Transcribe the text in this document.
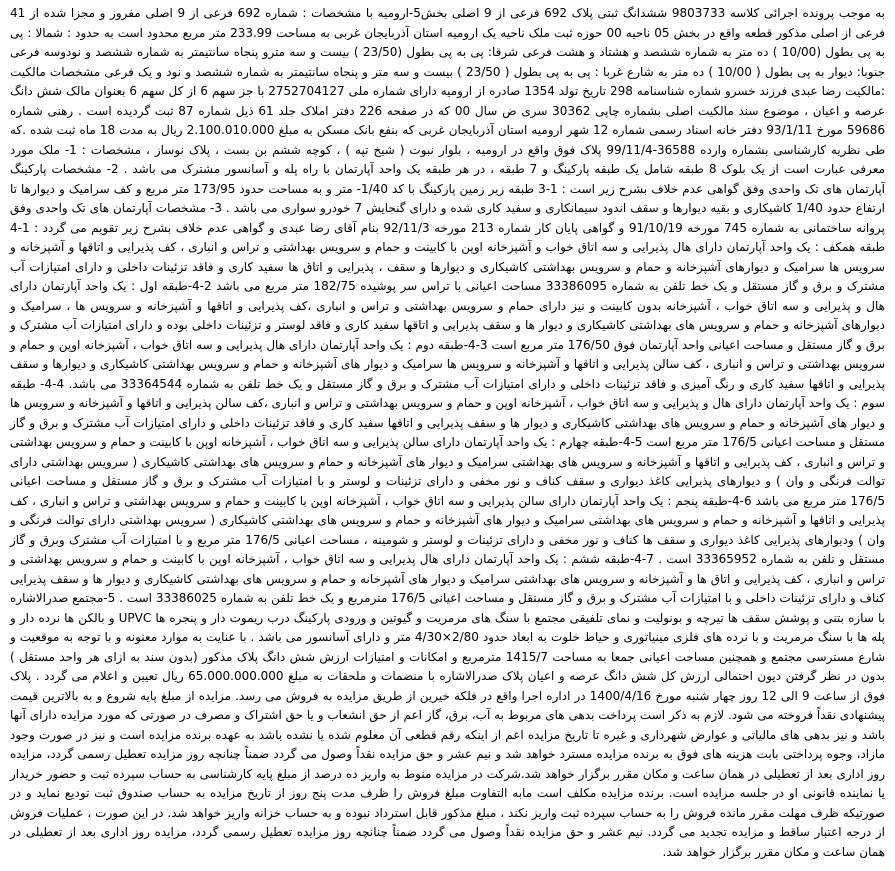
به موجب پرونده اجرائی کلاسه 9803733 ششدانگ ثبتی پلاک 692 فرعی از 9 اصلی بخش5-ارومیه با مشخصات : شماره 692 فرعی از 9 اصلی مفروز و مجزا شده از 41 فرعی از اصلی مذکور قطعه واقع در بخش 05 ناحیه 00 حوزه ثبت ملک ناحیه یک ارومیه استان آذربایجان غربی به مساحت 233.99 متر مربع محدود است به حدود : شمالا : پی به پی بطول (10/00 ) ده متر به شماره ششصد و هشتاد و هشت فرعی شرقا: پی به پی بطول (23/50 ) بیست و سه مترو پنجاه سانتیمتر به شماره ششصد و نودوسه فرعی جنوبا: دیوار به پی بطول ( 10/00 ) ده متر به شارع غربا : پی به پی بطول ( 23/50 ) بیست و سه متر و پنجاه سانتیمتر به شماره ششصد و نود و یک فرعی مشخصات مالکیت :مالکیت رضا عبدی فرزند خسرو شماره شناسنامه 298 تاریخ تولد 1354 صادره از ارومیه دارای شماره ملی 2752704127 با جز سهم 6 از کل سهم 6 بعنوان مالک شش دانگ عرصه و اعیان ، موضوع سند مالکیت اصلی بشماره چاپی 30362 سری ض سال 00 که در صفحه 226 دفتر املاک جلد 61 ذیل شماره 87 ثبت گردیده است . رهنی شماره 59686 مورخ 93/1/11 دفتر خانه اسناد رسمی شماره 12 شهر ارومیه استان آذربایجان غربی که بنفع بانک مسکن به مبلغ 2.100.010.000 ریال به مدت 18 ماه ثبت شده .که طی نظریه کارشناسی بشماره وارده 36588-99/11/4 پلاک فوق واقع در ارومیه ، بلوار نبوت ( شیخ تپه ) ، کوچه ششم بن بست ، پلاک نوساز ، مشخصات : 1- ملک مورد معرفی عبارت است از یک بلوک 8 طبقه شامل یک طبقه پارکینگ و 7 طبقه ، در هر طبقه یک واحد آپارتمان با راه پله و آسانسور مشترک می باشد . 2- مشخصات پارکینگ آپارتمان های تک واحدی وفق گواهی عدم خلاف بشرح زیر است : 1-3 طبقه زیر زمین پارکینگ با کد 1/40- متر و به مساحت حدود 173/95 متر مربع و کف سرامیک و دیوارها تا ارتفاع حدود 1/40 کاشیکاری و بقیه دیوارها و سقف اندود سیمانکاری و سفید کاری شده و دارای گنجایش 7 خودرو سواری می باشد . 3- مشخصات آپارتمان های تک واحدی وفق پروانه ساختمانی به شماره 745 مورخه 91/10/19 و گواهی پایان کار شماره 213 مورخه 92/11/3 بنام آقای رضا عبدی و گواهی عدم خلاف بشرح زیر تقویم می گردد : 1-4 طبقه همکف : یک واحد آپارتمان دارای هال پذیرایی و سه اتاق خواب و آشپزخانه اوپن با کابینت و حمام و سرویس بهداشتی و تراس و انباری ، کف پذیرایی و اتاقها و آشپزخانه و سرویس ها سرامیک و دیوارهای آشپزخانه و حمام و سرویس بهداشتی کاشیکاری و دیوارها و سقف ، پذیرایی و اتاق ها سفید کاری و فاقد تزئینات داخلی و دارای امتیازات آب مشترک و برق و گاز مستقل و یک خط تلفن به شماره 33386095 مساحت اعیانی با تراس سر پوشیده 182/75 متر مربع می باشد 2-4-طبقه اول : یک واحد آپارتمان دارای هال و پذیرایی و سه اتاق خواب ، آشپزخانه بدون کابینت و نیز دارای حمام و سرویس بهداشتی و تراس و انباری ،کف پذیرایی و اتاقها و آشپزخانه و سرویس ها ، سرامیک و دیوارهای آشپزخانه و حمام و سرویس های بهداشتی کاشیکاری و دیوار ها و سقف پذیرایی و اتاقها سفید کاری و فاقد لوستر و تزئینات داخلی بوده و دارای امتیازات آب مشترک و برق و گاز مستقل و مساحت اعیانی واحد آپارتمان فوق 176/50 متر مربع است 3-4-طبقه دوم : یک واحد آپارتمان دارای هال پذیرایی و سه اتاق خواب ، آشپزخانه اوپن و حمام و سرویس بهداشتی و تراس و انباری ، کف سالن پذیرایی و اتاقها و آشپزخانه و سرویس ها سرامیک و دیوار های آشپزخانه و حمام و سرویس بهداشتی کاشیکاری و دیوارها و سقف پذیرایی و اتاقها سفید کاری و رنگ آمیزی و فاقد تزئینات داخلی و دارای امتیازات آب مشترک و برق و گاز مستقل و یک خط تلفن به شماره 33364544 می باشد. 4-4- طبقه سوم : یک واحد آپارتمان دارای هال و پذیرایی و سه اتاق خواب ، آشپزخانه اوپن و حمام و سرویس بهداشتی و تراس و انباری ،کف سالن پذیرایی و اتاقها و آشپزخانه و سرویس ها و دیوار های آشپزخانه و حمام و سرویس های بهداشتی کاشیکاری و دیوار ها و سقف پذیرایی و اتاقها سفید کاری و فاقد تزئینات داخلی و دارای امتیازات آب مشترک و برق و گاز مستقل و مساحت اعیانی 176/5 متر مربع است 5-4-طبقه چهارم : یک واحد آپارتمان دارای سالن پذیرایی و سه اتاق خواب ، آشپزخانه اوپن با کابینت و حمام و سرویس بهداشتی و تراس و انباری ، کف پذیرایی و اتاقها و آشپزخانه و سرویس های بهداشتی سرامیک و دیوار های آشپزخانه و حمام و سرویس های بهداشتی کاشیکاری ( سرویس بهداشتی دارای توالت فرنگی و وان ) و دیوارهای پذیرایی کاغذ دیواری و سقف کناف و نور مخفی و دارای تزئینات و لوستر و با امتیازات آب مشترک و برق و گاز مستقل و مساحت اعیانی 176/5 متر مربع می باشد 6-4-طبقه پنجم : یک واحد آپارتمان دارای سالن پذیرایی و سه اتاق خواب ، آشپزخانه اوپن با کابینت و حمام و سرویس بهداشتی و تراس و انباری ، کف پذیرایی و اتاقها و آشپزخانه و حمام و سرویس های بهداشتی سرامیک و دیوار های آشپزخانه و حمام و سرویس های بهداشتی کاشیکاری ( سرویس بهداشتی دارای توالت فرنگی و وان ) ودیوارهای پذیرایی کاغذ دیواری و سقف ها کناف و نور مخفی و دارای تزئینات و لوستر و شومینه ، مساحت اعیانی 176/5 متر مربع و با امتیازات آب مشترک وبرق و گاز مستقل و تلفن به شماره 33365952 است . 7-4-طبقه ششم : یک واحد آپارتمان دارای هال پذیرایی و سه اتاق خواب ، آشپزخانه اوپن با کابینت و حمام و سرویس بهداشتی و تراس و انباری ، کف پذیرایی و اتاق ها و آشپزخانه و سرویس های بهداشتی سرامیک و دیوار های آشپزخانه و حمام و سرویس های بهداشتی کاشیکاری و دیوار ها و سقف پذیرایی کناف و دارای تزئینات داخلی و با امتیازات آب مشترک و برق و گاز مستقل و مساحت اعیانی 176/5 مترمربع و یک خط تلفن به شماره 33386025 است . 5-مجتمع صدرالاشاره با سازه بتنی و پوشش سقف ها تیرچه و بونولیت و نمای تلفیقی مجتمع با سنگ های مرمریت و گیوتین و ورودی پارکینگ درب ریموت دار و پنجره ها UPVC و بالکن ها نرده دار و پله ها با سنگ مرمریت و با نرده های فلزی مینیاتوری و حیاط خلوت به ابعاد حدود 2/80×4/30 متر و دارای آسانسور می باشد . با عنایت به موارد معنونه و با توجه به موقعیت و شارع مسترسی مجتمع و همچنین مساحت اعیانی جمعا به مساحت 1415/7 مترمربع و امکانات و امتیازات ارزش شش دانگ پلاک مذکور (بدون سند به ازای هر واحد مستقل ) بدون در نظر گرفتن دیون احتمالی ارزش کل شش دانگ عرصه و اعیان پلاک صدرالاشاره با منضمات و ملحقات به مبلغ 65.000.000.000 ریال تعیین و اعلام می گردد . پلاک فوق از ساعت 9 الی 12 روز چهار شنبه مورخ 1400/4/16 در اداره اجرا واقع در فلکه خیرین از طریق مزایده به فروش می رسد. مزایده از مبلغ پایه شروع و به بالاترین قیمت پیشنهادی نقداً فروخته می شود. لازم به ذکر است پرداخت بدهی های مربوط به آب، برق، گاز اعم از حق انشعاب و یا حق اشتراک و مصرف در صورتی که مورد مزایده دارای آنها باشد و نیز بدهی های مالیاتی و عوارض شهرداری و غیره تا تاریخ مزایده اعم از اینکه رقم قطعی آن معلوم شده یا نشده باشد به عهده برنده مزایده است و نیز در صورت وجود مازاد، وجوه پرداختی بابت هزینه های فوق به برنده مزایده مسترد خواهد شد و نیم عشر و حق مزایده نقداً وصول می گردد ضمناً چنانچه روز مزایده تعطیل رسمی گردد، مزایده روز اداری بعد از تعطیلی در همان ساعت و مکان مقرر برگزار خواهد شد.شرکت در مزایده منوط به واریز ده درصد از مبلغ پایه کارشناسی به حساب سپرده ثبت و حضور خریدار یا نماینده قانونی او در جلسه مزایده است. برنده مزایده مکلف است مابه التفاوت مبلغ فروش را ظرف مدت پنج روز از تاریخ مزایده به حساب صندوق ثبت تودیع نماید و در صورتیکه ظرف مهلت مقرر مانده فروش را به حساب سپرده ثبت واریز نکند ، مبلغ مذکور قابل استرداد نبوده و به حساب خزانه واریز خواهد شد. در این صورت ، عملیات فروش از درجه اعتبار ساقط و مزایده تجدید می گردد. نیم عشر و حق مزایده نقداً وصول می گردد ضمناً چنانچه روز مزایده تعطیل رسمی گردد، مزایده روز اداری بعد از تعطیلی در همان ساعت و مکان مقرر برگزار خواهد شد.
